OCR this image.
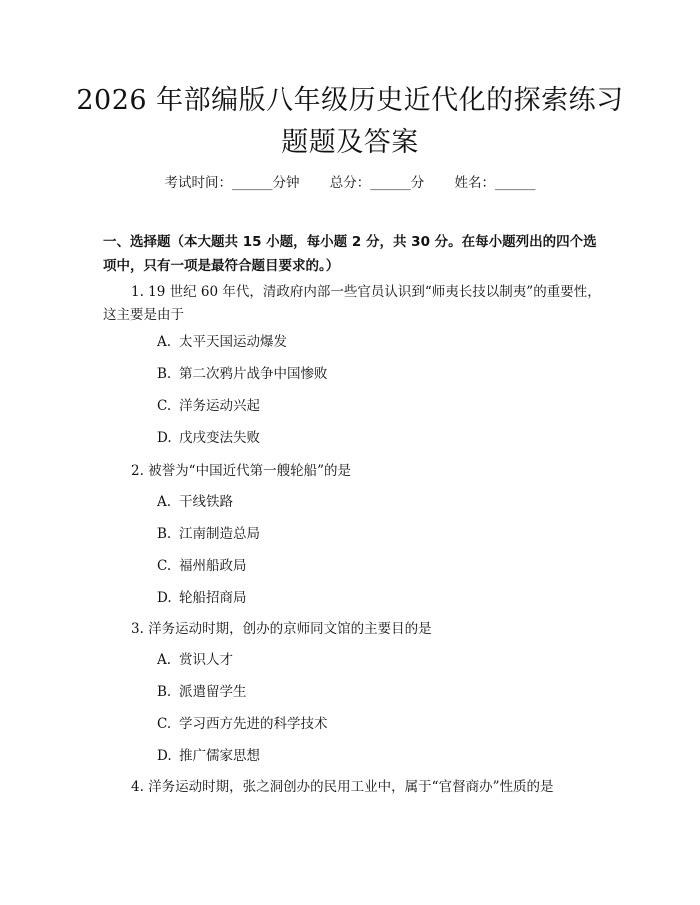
2026 年部编版八年级历史近代化的探索练习
题题及答案
考试时间：______分钟 总分：______分 姓名：______
一、选择题（本大题共 15 小题，每小题 2 分，共 30 分。在每小题列出的四个选项中，只有一项是最符合题目要求的。）
1. 19 世纪 60 年代，清政府内部一些官员认识到“师夷长技以制夷”的重要性，这主要是由于
A. 太平天国运动爆发
B. 第二次鸦片战争中国惨败
C. 洋务运动兴起
D. 戊戌变法失败
2. 被誉为“中国近代第一艘轮船”的是
A. 干线铁路
B. 江南制造总局
C. 福州船政局
D. 轮船招商局
3. 洋务运动时期，创办的京师同文馆的主要目的是
A. 赏识人才
B. 派遣留学生
C. 学习西方先进的科学技术
D. 推广儒家思想
4. 洋务运动时期，张之洞创办的民用工业中，属于“官督商办”性质的是
